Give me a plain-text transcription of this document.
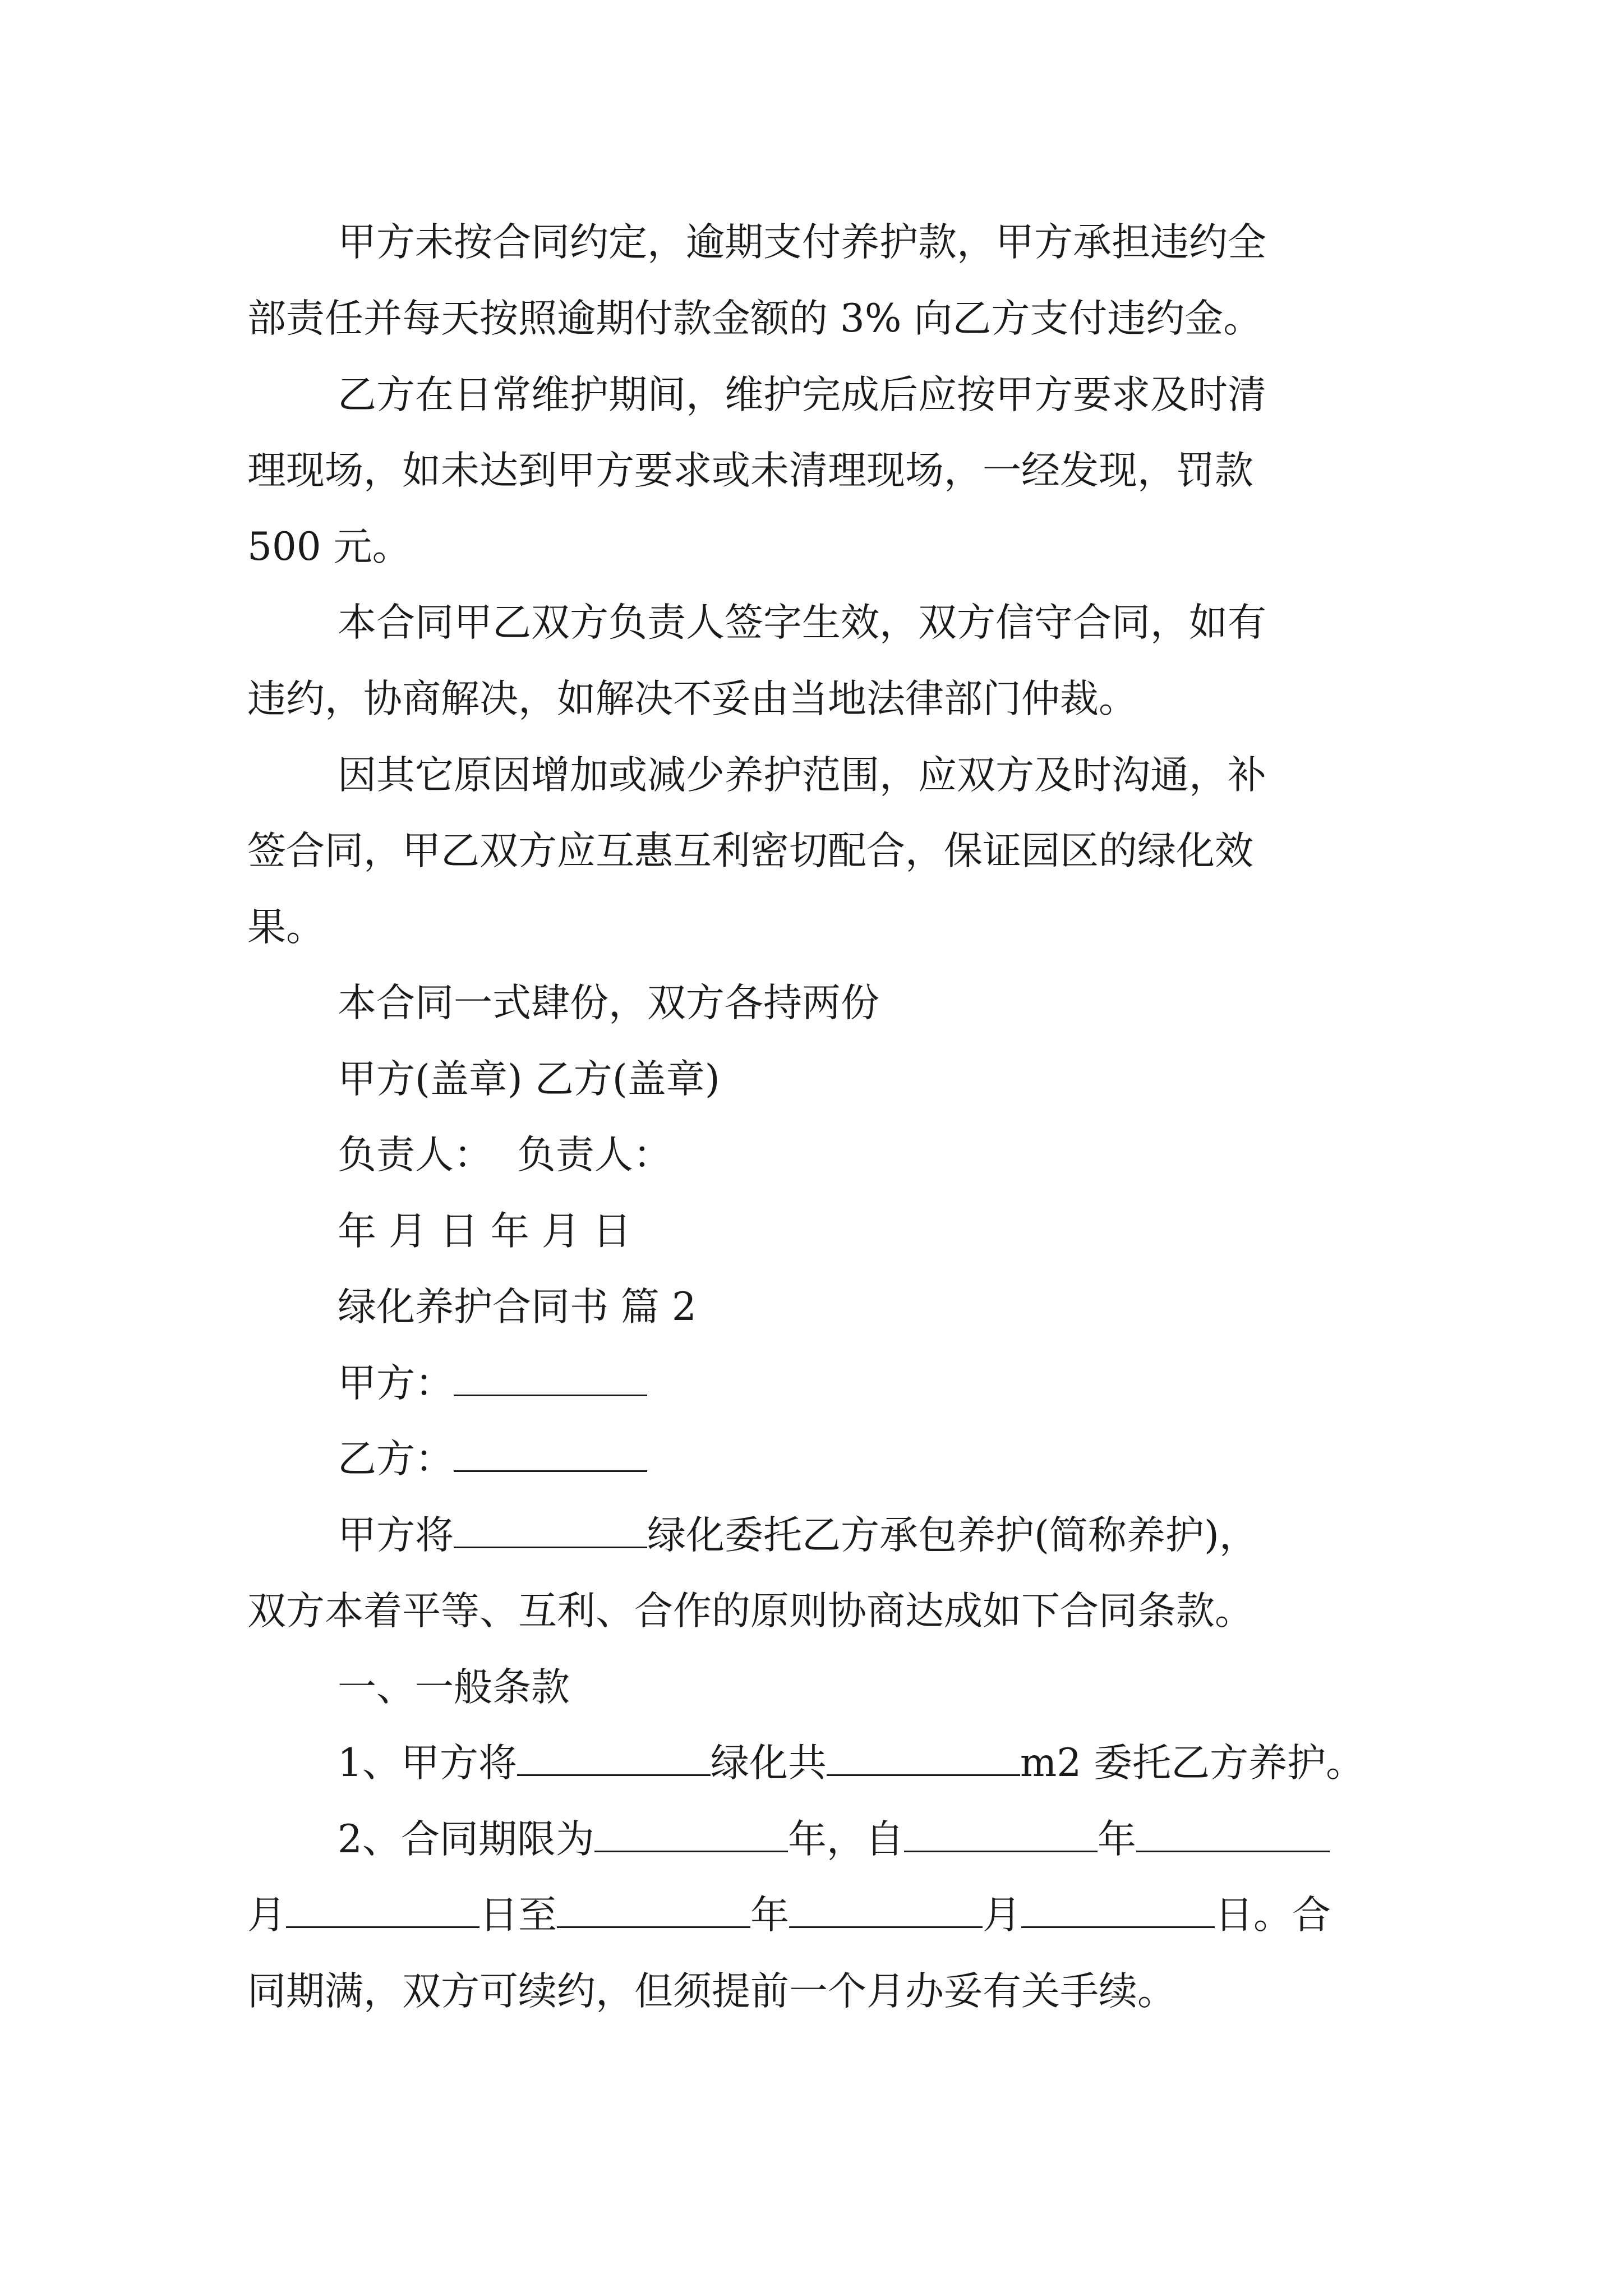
甲方未按合同约定，逾期支付养护款，甲方承担违约全
部责任并每天按照逾期付款金额的 3% 向乙方支付违约金。
乙方在日常维护期间，维护完成后应按甲方要求及时清
理现场，如未达到甲方要求或未清理现场，一经发现，罚款
500 元。
本合同甲乙双方负责人签字生效，双方信守合同，如有
违约，协商解决，如解决不妥由当地法律部门仲裁。
因其它原因增加或减少养护范围，应双方及时沟通，补
签合同，甲乙双方应互惠互利密切配合，保证园区的绿化效
果。
本合同一式肆份，双方各持两份
甲方(盖章) 乙方(盖章)
负责人：  负责人：
年 月 日 年 月 日
绿化养护合同书 篇 2
甲方：
乙方：
甲方将	绿化委托乙方承包养护(简称养护)，
双方本着平等、互利、合作的原则协商达成如下合同条款。
一、一般条款
1、甲方将	绿化共	m2 委托乙方养护。
2、合同期限为	年，自	年
月	日至	年	月	日。合
同期满，双方可续约，但须提前一个月办妥有关手续。
